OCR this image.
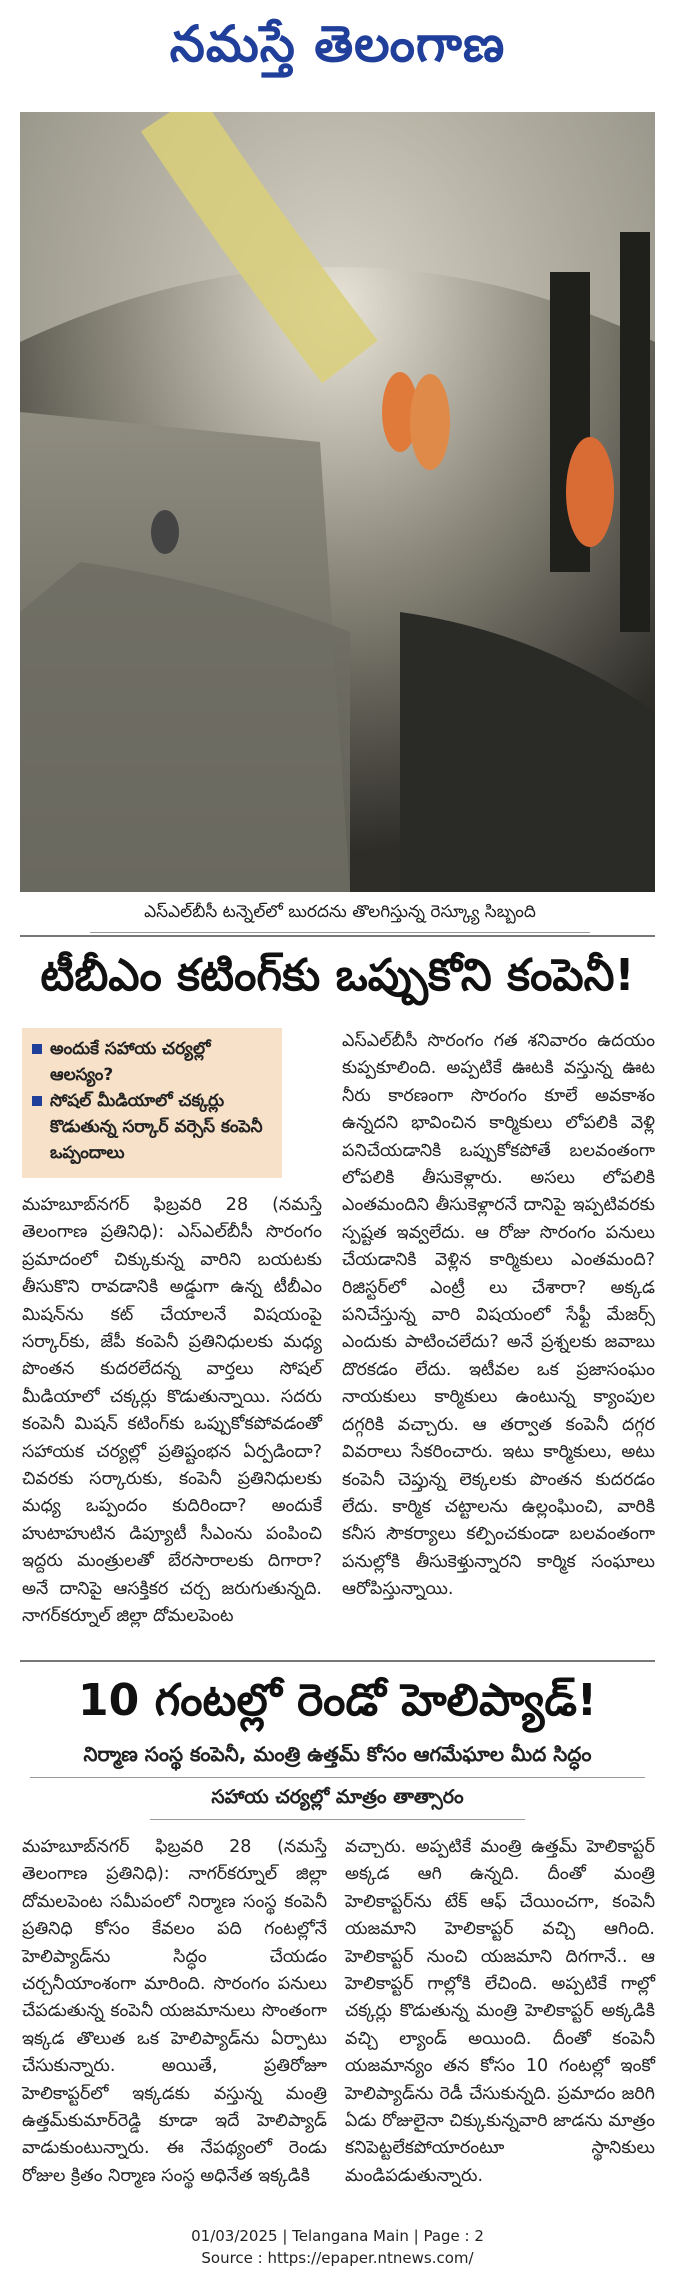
నమస్తే తెలంగాణ
ఎస్ఎల్‌బీసీ టన్నెల్‌లో బురదను తొలగిస్తున్న రెస్క్యూ సిబ్బంది
టీబీఎం కటింగ్‌కు ఒప్పుకోని కంపెనీ!
అందుకే సహాయ చర్యల్లో ఆలస్యం?
సోషల్ మీడియాలో చక్కర్లు కొడుతున్న సర్కార్ వర్సెస్ కంపెనీ ఒప్పందాలు
మహబూబ్‌నగర్ ఫిబ్రవరి 28 (నమస్తే తెలంగాణ ప్రతినిధి): ఎస్ఎల్‌బీసీ సొరంగం ప్రమాదంలో చిక్కుకున్న వారిని బయటకు తీసుకొని రావడానికి అడ్డుగా ఉన్న టీబీఎం మిషన్‌ను కట్ చేయాలనే విషయంపై సర్కార్‌కు, జేపీ కంపెనీ ప్రతినిధులకు మధ్య పొంతన కుదరలేదన్న వార్తలు సోషల్ మీడియాలో చక్కర్లు కొడుతున్నాయి. సదరు కంపెనీ మిషన్ కటింగ్‌కు ఒప్పుకోకపోవడంతో సహాయక చర్యల్లో ప్రతిష్టంభన ఏర్పడిందా? చివరకు సర్కారుకు, కంపెనీ ప్రతినిధులకు మధ్య ఒప్పందం కుదిరిందా? అందుకే హుటాహుటిన డిప్యూటీ సీఎంను పంపించి ఇద్దరు మంత్రులతో బేరసారాలకు దిగారా? అనే దానిపై ఆసక్తికర చర్చ జరుగుతున్నది. నాగర్‌కర్నూల్ జిల్లా దోమలపెంట
ఎస్ఎల్‌బీసీ సొరంగం గత శనివారం ఉదయం కుప్పకూలింది. అప్పటికే ఊటకి వస్తున్న ఊట నీరు కారణంగా సొరంగం కూలే అవకాశం ఉన్నదని భావించిన కార్మికులు లోపలికి వెళ్లి పనిచేయడానికి ఒప్పుకోకపోతే బలవంతంగా లోపలికి తీసుకెళ్లారు. అసలు లోపలికి ఎంతమందిని తీసుకెళ్లారనే దానిపై ఇప్పటివరకు స్పష్టత ఇవ్వలేదు. ఆ రోజు సొరంగం పనులు చేయడానికి వెళ్లిన కార్మికులు ఎంతమంది? రిజిస్టర్‌లో ఎంట్రీ లు చేశారా? అక్కడ పనిచేస్తున్న వారి విషయంలో సేఫ్టీ మేజర్స్ ఎందుకు పాటించలేదు? అనే ప్రశ్నలకు జవాబు దొరకడం లేదు. ఇటీవల ఒక ప్రజాసంఘం నాయకులు కార్మికులు ఉంటున్న క్యాంపుల దగ్గరికి వచ్చారు. ఆ తర్వాత కంపెనీ దగ్గర వివరాలు సేకరించారు. ఇటు కార్మికులు, అటు కంపెనీ చెప్తున్న లెక్కలకు పొంతన కుదరడం లేదు. కార్మిక చట్టాలను ఉల్లంఘించి, వారికి కనీస సౌకర్యాలు కల్పించకుండా బలవంతంగా పనుల్లోకి తీసుకెళ్తున్నారని కార్మిక సంఘాలు ఆరోపిస్తున్నాయి.
10 గంటల్లో రెండో హెలిప్యాడ్!
నిర్మాణ సంస్థ కంపెనీ, మంత్రి ఉత్తమ్ కోసం ఆగమేఘాల మీద సిద్ధం
సహాయ చర్యల్లో మాత్రం తాత్సారం
మహబూబ్‌నగర్ ఫిబ్రవరి 28 (నమస్తే తెలంగాణ ప్రతినిధి): నాగర్‌కర్నూల్ జిల్లా దోమలపెంట సమీపంలో నిర్మాణ సంస్థ కంపెనీ ప్రతినిధి కోసం కేవలం పది గంటల్లోనే హెలిప్యాడ్‌ను సిద్ధం చేయడం చర్చనీయాంశంగా మారింది. సొరంగం పనులు చేపడుతున్న కంపెనీ యజమానులు సొంతంగా ఇక్కడ తొలుత ఒక హెలిప్యాడ్‌ను ఏర్పాటు చేసుకున్నారు. అయితే, ప్రతిరోజూ హెలికాప్టర్‌లో ఇక్కడకు వస్తున్న మంత్రి ఉత్తమ్‌కుమార్‌రెడ్డి కూడా ఇదే హెలిప్యాడ్ వాడుకుంటున్నారు. ఈ నేపథ్యంలో రెండు రోజుల క్రితం నిర్మాణ సంస్థ అధినేత ఇక్కడికి
వచ్చారు. అప్పటికే మంత్రి ఉత్తమ్ హెలికాప్టర్ అక్కడ ఆగి ఉన్నది. దీంతో మంత్రి హెలికాప్టర్‌ను టేక్ ఆఫ్ చేయించగా, కంపెనీ యజమాని హెలికాప్టర్ వచ్చి ఆగింది. హెలికాప్టర్ నుంచి యజమాని దిగగానే.. ఆ హెలికాప్టర్ గాల్లోకి లేచింది. అప్పటికే గాల్లో చక్కర్లు కొడుతున్న మంత్రి హెలికాప్టర్ అక్కడికి వచ్చి ల్యాండ్ అయింది. దీంతో కంపెనీ యజమాన్యం తన కోసం 10 గంటల్లో ఇంకో హెలిప్యాడ్‌ను రెడీ చేసుకున్నది. ప్రమాదం జరిగి ఏడు రోజులైనా చిక్కుకున్నవారి జాడను మాత్రం కనిపెట్టలేకపోయారంటూ స్థానికులు మండిపడుతున్నారు.
01/03/2025 | Telangana Main | Page : 2
Source : https://epaper.ntnews.com/
